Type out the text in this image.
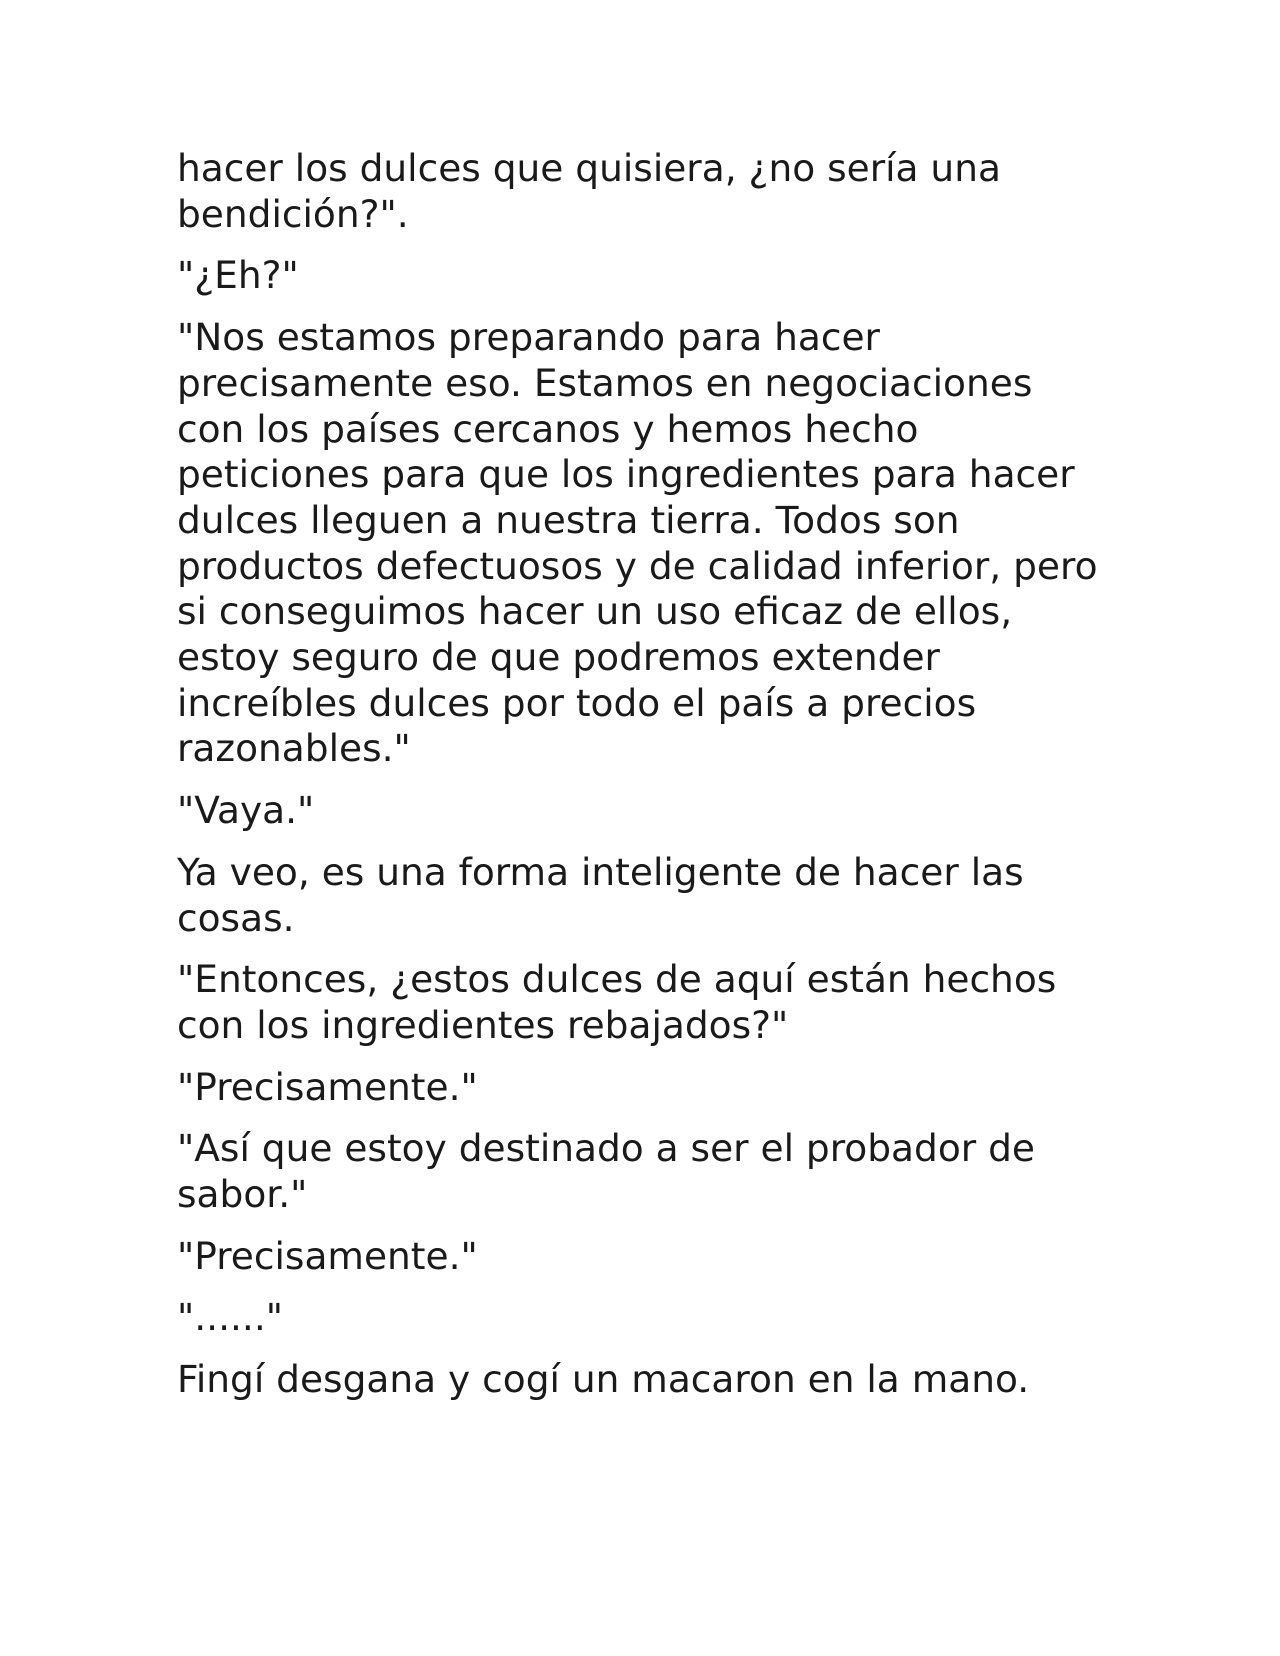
hacer los dulces que quisiera, ¿no sería una
bendición?".

"¿Eh?"

"Nos estamos preparando para hacer
precisamente eso. Estamos en negociaciones
con los países cercanos y hemos hecho
peticiones para que los ingredientes para hacer
dulces lleguen a nuestra tierra. Todos son
productos defectuosos y de calidad inferior, pero
si conseguimos hacer un uso eficaz de ellos,
estoy seguro de que podremos extender
increíbles dulces por todo el país a precios
razonables."

"Vaya."

Ya veo, es una forma inteligente de hacer las
cosas.

"Entonces, ¿estos dulces de aquí están hechos
con los ingredientes rebajados?"

"Precisamente."

"Así que estoy destinado a ser el probador de
sabor."

"Precisamente."

"......"

Fingí desgana y cogí un macaron en la mano.
